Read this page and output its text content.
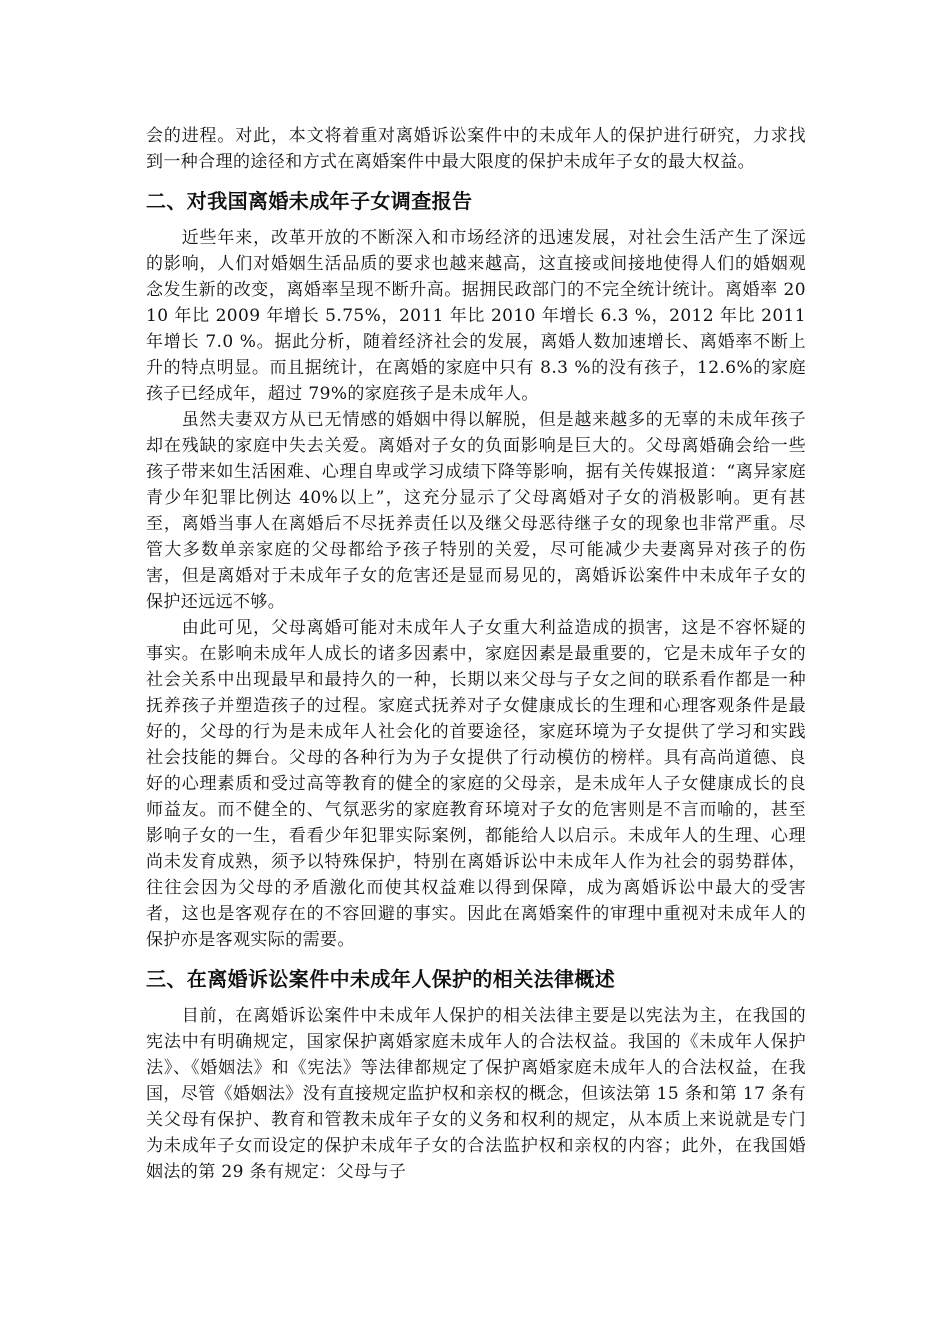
会的进程。对此，本文将着重对离婚诉讼案件中的未成年人的保护进行研究，力求找到一种合理的途径和方式在离婚案件中最大限度的保护未成年子女的最大权益。

二、对我国离婚未成年子女调查报告

近些年来，改革开放的不断深入和市场经济的迅速发展，对社会生活产生了深远的影响，人们对婚姻生活品质的要求也越来越高，这直接或间接地使得人们的婚姻观念发生新的改变，离婚率呈现不断升高。据拥民政部门的不完全统计统计。离婚率 2010 年比 2009 年增长 5.75%，2011 年比 2010 年增长 6.3 %，2012 年比 2011 年增长 7.0 %。据此分析，随着经济社会的发展，离婚人数加速增长、离婚率不断上升的特点明显。而且据统计，在离婚的家庭中只有 8.3 %的没有孩子，12.6%的家庭孩子已经成年，超过 79%的家庭孩子是未成年人。

虽然夫妻双方从已无情感的婚姻中得以解脱，但是越来越多的无辜的未成年孩子却在残缺的家庭中失去关爱。离婚对子女的负面影响是巨大的。父母离婚确会给一些孩子带来如生活困难、心理自卑或学习成绩下降等影响，据有关传媒报道：“离异家庭青少年犯罪比例达 40%以上”，这充分显示了父母离婚对子女的消极影响。更有甚至，离婚当事人在离婚后不尽抚养责任以及继父母恶待继子女的现象也非常严重。尽管大多数单亲家庭的父母都给予孩子特别的关爱，尽可能减少夫妻离异对孩子的伤害，但是离婚对于未成年子女的危害还是显而易见的，离婚诉讼案件中未成年子女的保护还远远不够。

由此可见，父母离婚可能对未成年人子女重大利益造成的损害，这是不容怀疑的事实。在影响未成年人成长的诸多因素中，家庭因素是最重要的，它是未成年子女的社会关系中出现最早和最持久的一种，长期以来父母与子女之间的联系看作都是一种抚养孩子并塑造孩子的过程。家庭式抚养对子女健康成长的生理和心理客观条件是最好的，父母的行为是未成年人社会化的首要途径，家庭环境为子女提供了学习和实践社会技能的舞台。父母的各种行为为子女提供了行动模仿的榜样。具有高尚道德、良好的心理素质和受过高等教育的健全的家庭的父母亲，是未成年人子女健康成长的良师益友。而不健全的、气氛恶劣的家庭教育环境对子女的危害则是不言而喻的，甚至影响子女的一生，看看少年犯罪实际案例，都能给人以启示。未成年人的生理、心理尚未发育成熟，须予以特殊保护，特别在离婚诉讼中未成年人作为社会的弱势群体，往往会因为父母的矛盾激化而使其权益难以得到保障，成为离婚诉讼中最大的受害者，这也是客观存在的不容回避的事实。因此在离婚案件的审理中重视对未成年人的保护亦是客观实际的需要。

三、在离婚诉讼案件中未成年人保护的相关法律概述

目前，在离婚诉讼案件中未成年人保护的相关法律主要是以宪法为主，在我国的宪法中有明确规定，国家保护离婚家庭未成年人的合法权益。我国的《未成年人保护法》、《婚姻法》和《宪法》等法律都规定了保护离婚家庭未成年人的合法权益，在我国，尽管《婚姻法》没有直接规定监护权和亲权的概念，但该法第 15 条和第 17 条有关父母有保护、教育和管教未成年子女的义务和权利的规定，从本质上来说就是专门为未成年子女而设定的保护未成年子女的合法监护权和亲权的内容；此外，在我国婚姻法的第 29 条有规定：父母与子
